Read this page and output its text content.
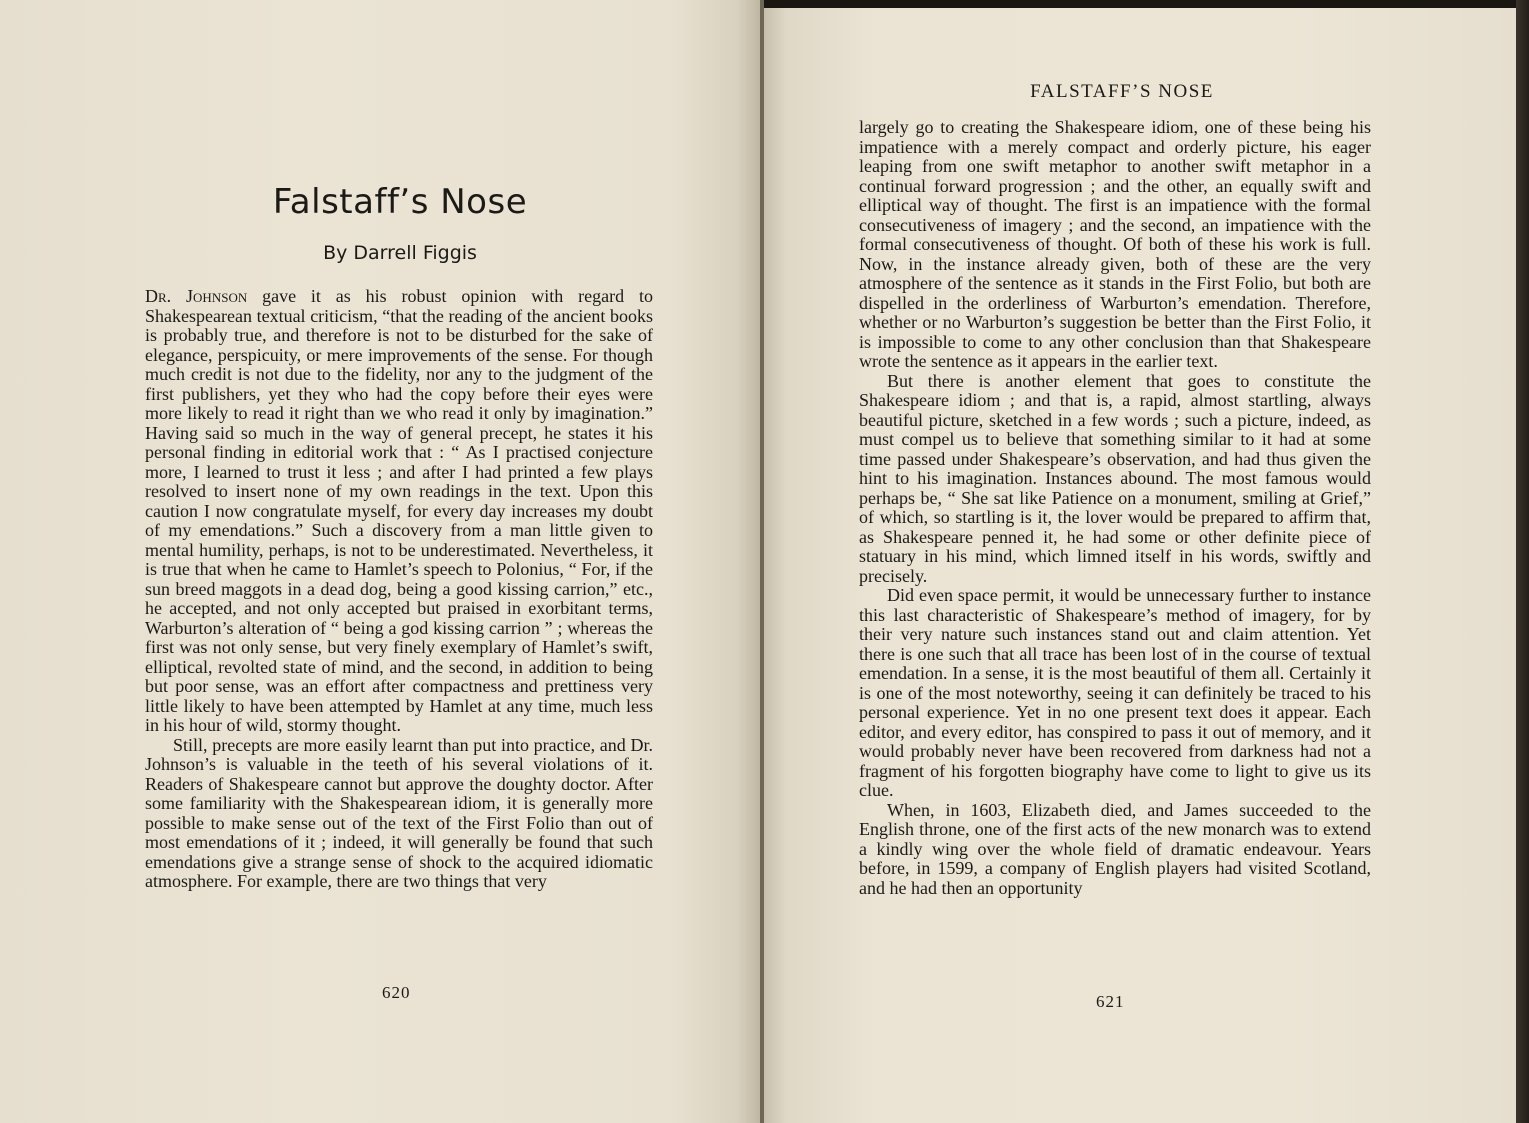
Falstaff’s Nose
By Darrell Figgis

Dr. Johnson gave it as his robust opinion with regard to Shakespearean textual criticism, “that the reading of the ancient books is probably true, and therefore is not to be disturbed for the sake of elegance, perspicuity, or mere improvements of the sense. For though much credit is not due to the fidelity, nor any to the judgment of the first publishers, yet they who had the copy before their eyes were more likely to read it right than we who read it only by imagination.” Having said so much in the way of general precept, he states it his personal finding in editorial work that : “ As I practised conjecture more, I learned to trust it less ; and after I had printed a few plays resolved to insert none of my own readings in the text. Upon this caution I now congratulate myself, for every day increases my doubt of my emendations.” Such a discovery from a man little given to mental humility, perhaps, is not to be underestimated. Nevertheless, it is true that when he came to Hamlet’s speech to Polonius, “ For, if the sun breed maggots in a dead dog, being a good kissing carrion,” etc., he accepted, and not only accepted but praised in exorbitant terms, Warburton’s alteration of “ being a god kissing carrion ” ; whereas the first was not only sense, but very finely exemplary of Hamlet’s swift, elliptical, revolted state of mind, and the second, in addition to being but poor sense, was an effort after compactness and prettiness very little likely to have been attempted by Hamlet at any time, much less in his hour of wild, stormy thought.

Still, precepts are more easily learnt than put into practice, and Dr. Johnson’s is valuable in the teeth of his several violations of it. Readers of Shakespeare cannot but approve the doughty doctor. After some familiarity with the Shakespearean idiom, it is generally more possible to make sense out of the text of the First Folio than out of most emendations of it ; indeed, it will generally be found that such emendations give a strange sense of shock to the acquired idiomatic atmosphere. For example, there are two things that very

620
FALSTAFF’S NOSE

largely go to creating the Shakespeare idiom, one of these being his impatience with a merely compact and orderly picture, his eager leaping from one swift metaphor to another swift metaphor in a continual forward progression ; and the other, an equally swift and elliptical way of thought. The first is an impatience with the formal consecutiveness of imagery ; and the second, an impatience with the formal consecutiveness of thought. Of both of these his work is full. Now, in the instance already given, both of these are the very atmosphere of the sentence as it stands in the First Folio, but both are dispelled in the orderliness of Warburton’s emendation. Therefore, whether or no Warburton’s suggestion be better than the First Folio, it is impossible to come to any other conclusion than that Shakespeare wrote the sentence as it appears in the earlier text.

But there is another element that goes to constitute the Shakespeare idiom ; and that is, a rapid, almost startling, always beautiful picture, sketched in a few words ; such a picture, indeed, as must compel us to believe that something similar to it had at some time passed under Shakespeare’s observation, and had thus given the hint to his imagination. Instances abound. The most famous would perhaps be, “ She sat like Patience on a monument, smiling at Grief,” of which, so startling is it, the lover would be prepared to affirm that, as Shakespeare penned it, he had some or other definite piece of statuary in his mind, which limned itself in his words, swiftly and precisely.

Did even space permit, it would be unnecessary further to instance this last characteristic of Shakespeare’s method of imagery, for by their very nature such instances stand out and claim attention. Yet there is one such that all trace has been lost of in the course of textual emendation. In a sense, it is the most beautiful of them all. Certainly it is one of the most noteworthy, seeing it can definitely be traced to his personal experience. Yet in no one present text does it appear. Each editor, and every editor, has conspired to pass it out of memory, and it would probably never have been recovered from darkness had not a fragment of his forgotten biography have come to light to give us its clue.

When, in 1603, Elizabeth died, and James succeeded to the English throne, one of the first acts of the new monarch was to extend a kindly wing over the whole field of dramatic endeavour. Years before, in 1599, a company of English players had visited Scotland, and he had then an opportunity

621
